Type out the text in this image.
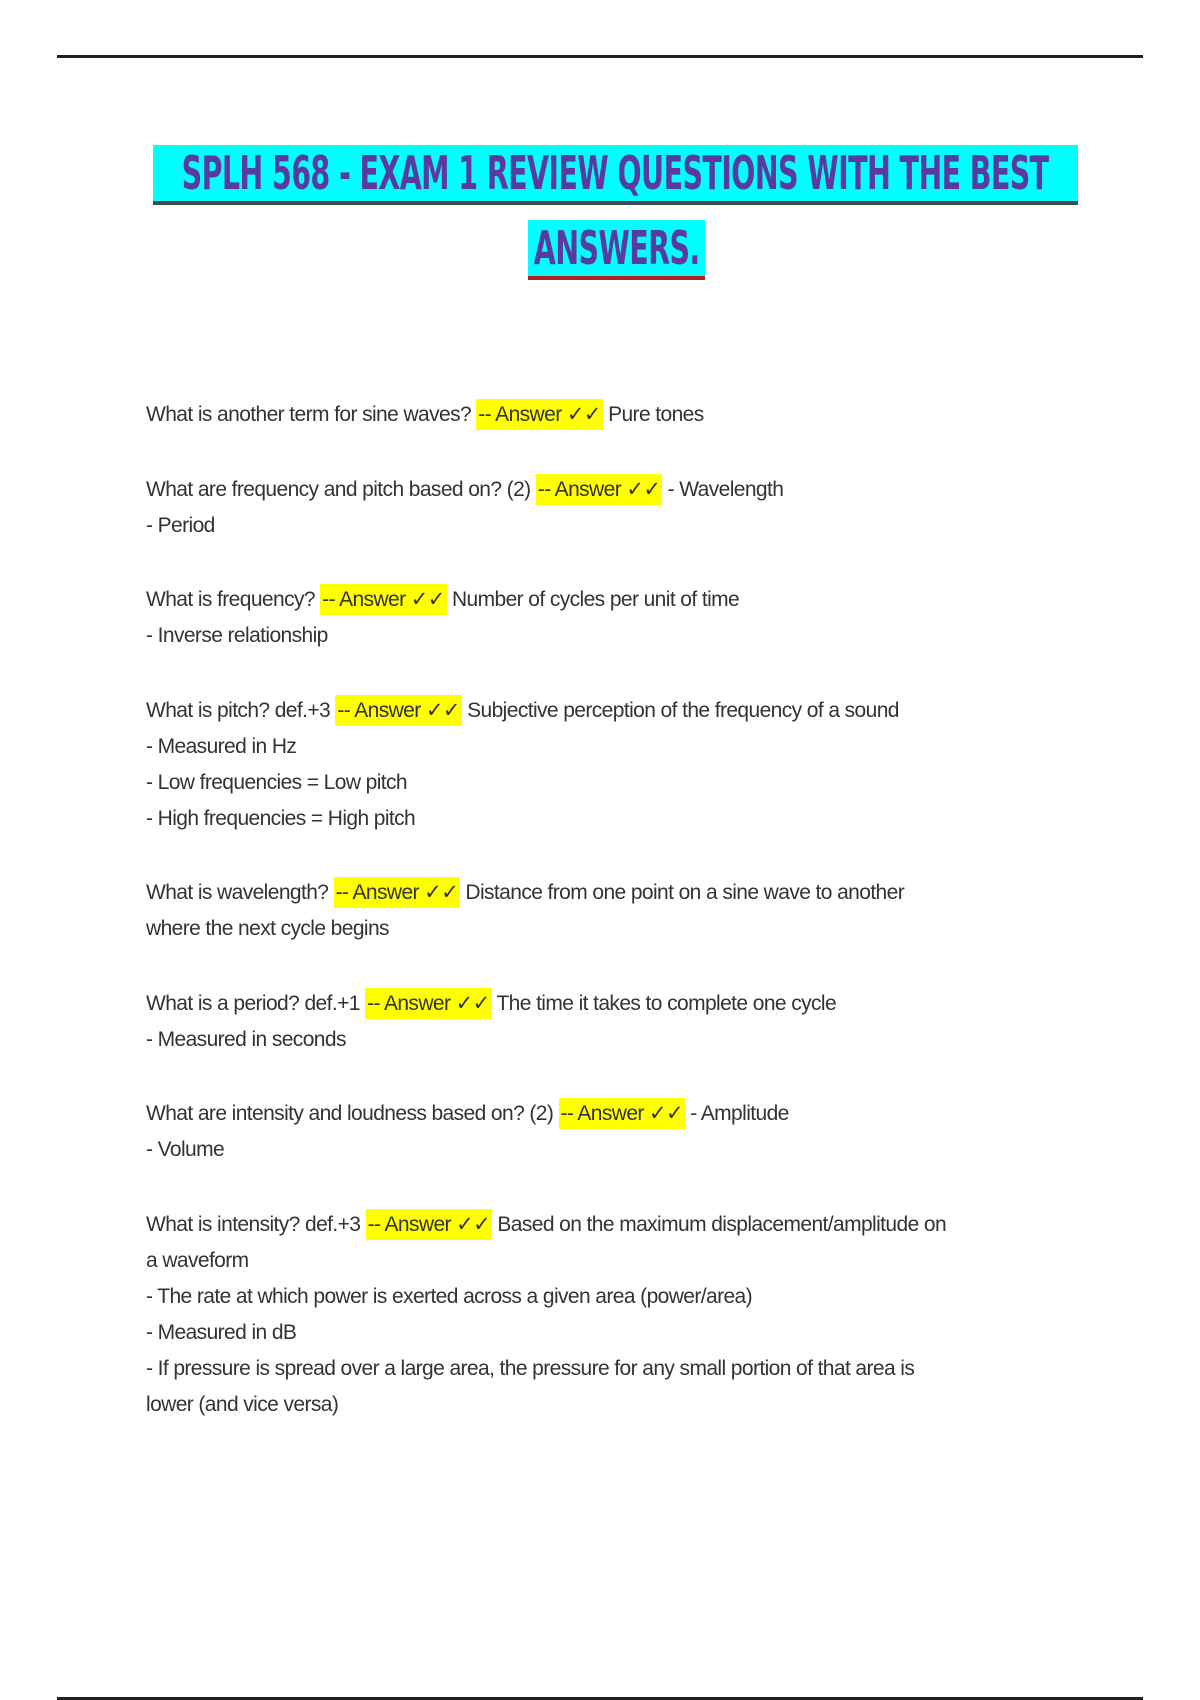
SPLH 568 - EXAM 1 REVIEW QUESTIONS WITH THE BEST
ANSWERS.
What is another term for sine waves? -- Answer ✓✓ Pure tones
What are frequency and pitch based on? (2) -- Answer ✓✓ - Wavelength
- Period
What is frequency? -- Answer ✓✓ Number of cycles per unit of time
- Inverse relationship
What is pitch? def.+3 -- Answer ✓✓ Subjective perception of the frequency of a sound
- Measured in Hz
- Low frequencies = Low pitch
- High frequencies = High pitch
What is wavelength? -- Answer ✓✓ Distance from one point on a sine wave to another
where the next cycle begins
What is a period? def.+1 -- Answer ✓✓ The time it takes to complete one cycle
- Measured in seconds
What are intensity and loudness based on? (2) -- Answer ✓✓ - Amplitude
- Volume
What is intensity? def.+3 -- Answer ✓✓ Based on the maximum displacement/amplitude on
a waveform
- The rate at which power is exerted across a given area (power/area)
- Measured in dB
- If pressure is spread over a large area, the pressure for any small portion of that area is
lower (and vice versa)
